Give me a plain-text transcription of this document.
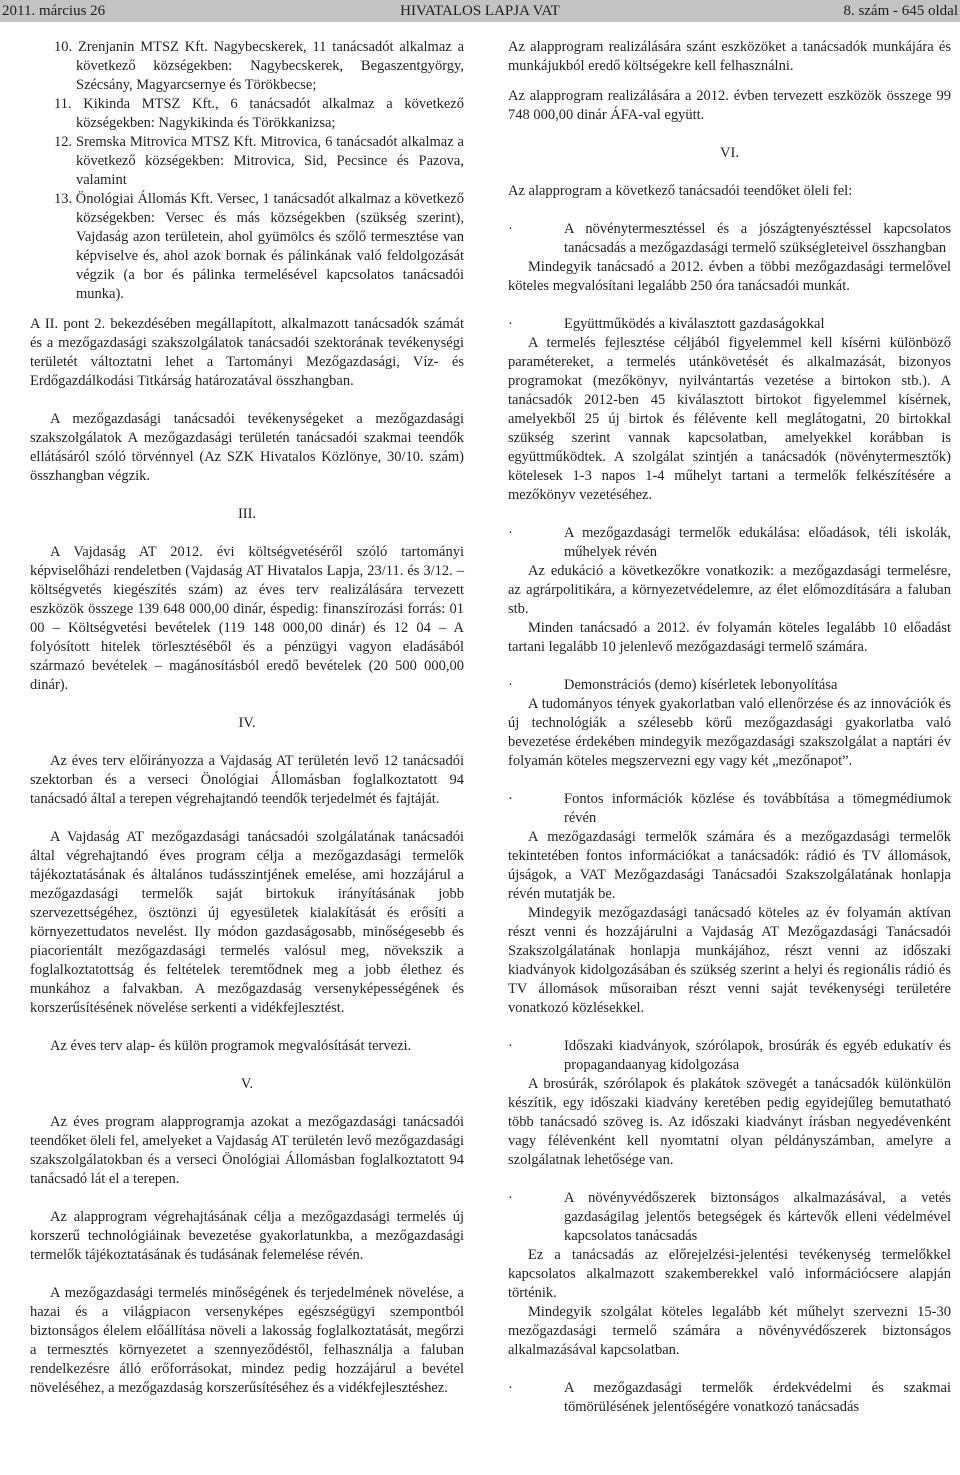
2011. március 26	HIVATALOS LAPJA VAT	8. szám - 645 oldal

10. Zrenjanin MTSZ Kft. Nagybecskerek, 11 tanácsadót alkalmaz a következő községekben: Nagybecskerek, Begaszentgyörgy, Szécsány, Magyarcsernye és Törökbecse;

11. Kikinda MTSZ Kft., 6 tanácsadót alkalmaz a következő községekben: Nagykikinda és Törökkanizsa;

12. Sremska Mitrovica MTSZ Kft. Mitrovica, 6 tanácsadót alkalmaz a következő községekben: Mitrovica, Sid, Pecsince és Pazova, valamint

13. Önológiai Állomás Kft. Versec, 1 tanácsadót alkalmaz a következő községekben: Versec és más községekben (szükség szerint), Vajdaság azon területein, ahol gyümölcs és szőlő termesztése van képviselve és, ahol azok bornak és pálinkának való feldolgozását végzik (a bor és pálinka termelésével kapcsolatos tanácsadói munka).

A II. pont 2. bekezdésében megállapított, alkalmazott tanácsadók számát és a mezőgazdasági szakszolgálatok tanácsadói szektorának tevékenységi területét változtatni lehet a Tartományi Mezőgazdasági, Víz- és Erdőgazdálkodási Titkárság határozatával összhangban.

A mezőgazdasági tanácsadói tevékenységeket a mezőgazdasági szakszolgálatok A mezőgazdasági területén tanácsadói szakmai teendők ellátásáról szóló törvénnyel (Az SZK Hivatalos Közlönye, 30/10. szám) összhangban végzik.

III.

A Vajdaság AT 2012. évi költségvetéséről szóló tartományi képviselőházi rendeletben (Vajdaság AT Hivatalos Lapja, 23/11. és 3/12. – költségvetés kiegészítés szám) az éves terv realizálására tervezett eszközök összege 139 648 000,00 dinár, éspedig: finanszírozási forrás: 01 00 – Költségvetési bevételek (119 148 000,00 dinár) és 12 04 – A folyósított hitelek törlesztéséből és a pénzügyi vagyon eladásából származó bevételek – magánosításból eredő bevételek (20 500 000,00 dinár).

IV.

Az éves terv előirányozza a Vajdaság AT területén levő 12 tanácsadói szektorban és a verseci Önológiai Állomásban foglalkoztatott 94 tanácsadó által a terepen végrehajtandó teendők terjedelmét és fajtáját.

A Vajdaság AT mezőgazdasági tanácsadói szolgálatának tanácsadói által végrehajtandó éves program célja a mezőgazdasági termelők tájékoztatásának és általános tudásszintjének emelése, ami hozzájárul a mezőgazdasági termelők saját birtokuk irányításának jobb szervezettségéhez, ösztönzi új egyesületek kialakítását és erősíti a környezettudatos nevelést. Ily módon gazdaságosabb, minőségesebb és piacorientált mezőgazdasági termelés valósul meg, növekszik a foglalkoztatottság és feltételek teremtődnek meg a jobb élethez és munkához a falvakban. A mezőgazdaság versenyképességének és korszerűsítésének növelése serkenti a vidékfejlesztést.

Az éves terv alap- és külön programok megvalósítását tervezi.

V.

Az éves program alapprogramja azokat a mezőgazdasági tanácsadói teendőket öleli fel, amelyeket a Vajdaság AT területén levő mezőgazdasági szakszolgálatokban és a verseci Önológiai Állomásban foglalkoztatott 94 tanácsadó lát el a terepen.

Az alapprogram végrehajtásának célja a mezőgazdasági termelés új korszerű technológiáinak bevezetése gyakorlatunkba, a mezőgazdasági termelők tájékoztatásának és tudásának felemelése révén.

A mezőgazdasági termelés minőségének és terjedelmének növelése, a hazai és a világpiacon versenyképes egészségügyi szempontból biztonságos élelem előállítása növeli a lakosság foglalkoztatását, megőrzi a termesztés környezetet a szennyeződéstől, felhasználja a faluban rendelkezésre álló erőforrásokat, mindez pedig hozzájárul a bevétel növeléséhez, a mezőgazdaság korszerűsítéséhez és a vidékfejlesztéshez.

Az alapprogram realizálására szánt eszközöket a tanácsadók munkájára és munkájukból eredő költségekre kell felhasználni.

Az alapprogram realizálására a 2012. évben tervezett eszközök összege 99 748 000,00 dinár ÁFA-val együtt.

VI.

Az alapprogram a következő tanácsadói teendőket öleli fel:

·	A növénytermesztéssel és a jószágtenyésztéssel kapcsolatos tanácsadás a mezőgazdasági termelő szükségleteivel összhangban

Mindegyik tanácsadó a 2012. évben a többi mezőgazdasági termelővel köteles megvalósítani legalább 250 óra tanácsadói munkát.

·	Együttműködés a kiválasztott gazdaságokkal

A termelés fejlesztése céljából figyelemmel kell kísérni különböző paramétereket, a termelés utánkövetését és alkalmazását, bizonyos programokat (mezőkönyv, nyilvántartás vezetése a birtokon stb.). A tanácsadók 2012-ben 45 kiválasztott birtokot figyelemmel kísérnek, amelyekből 25 új birtok és félévente kell meglátogatni, 20 birtokkal szükség szerint vannak kapcsolatban, amelyekkel korábban is együttműködtek. A szolgálat szintjén a tanácsadók (növénytermesztők) kötelesek 1-3 napos 1-4 műhelyt tartani a termelők felkészítésére a mezőkönyv vezetéséhez.

·	A mezőgazdasági termelők edukálása: előadások, téli iskolák, műhelyek révén

Az edukáció a következőkre vonatkozik: a mezőgazdasági termelésre, az agrárpolitikára, a környezetvédelemre, az élet előmozdítására a faluban stb.

Minden tanácsadó a 2012. év folyamán köteles legalább 10 előadást tartani legalább 10 jelenlevő mezőgazdasági termelő számára.

·	Demonstrációs (demo) kísérletek lebonyolítása

A tudományos tények gyakorlatban való ellenőrzése és az innovációk és új technológiák a szélesebb körű mezőgazdasági gyakorlatba való bevezetése érdekében mindegyik mezőgazdasági szakszolgálat a naptári év folyamán köteles megszervezni egy vagy két „mezőnapot”.

·	Fontos információk közlése és továbbítása a tömegmédiumok révén

A mezőgazdasági termelők számára és a mezőgazdasági termelők tekintetében fontos információkat a tanácsadók: rádió és TV állomások, újságok, a VAT Mezőgazdasági Tanácsadói Szakszolgálatának honlapja révén mutatják be.

Mindegyik mezőgazdasági tanácsadó köteles az év folyamán aktívan részt venni és hozzájárulni a Vajdaság AT Mezőgazdasági Tanácsadói Szakszolgálatának honlapja munkájához, részt venni az időszaki kiadványok kidolgozásában és szükség szerint a helyi és regionális rádió és TV állomások műsoraiban részt venni saját tevékenységi területére vonatkozó közlésekkel.

·	Időszaki kiadványok, szórólapok, brosúrák és egyéb edukatív és propagandaanyag kidolgozása

A brosúrák, szórólapok és plakátok szövegét a tanácsadók különkülön készítik, egy időszaki kiadvány keretében pedig egyidejűleg bemutatható több tanácsadó szöveg is. Az időszaki kiadványt írásban negyedévenként vagy félévenként kell nyomtatni olyan példányszámban, amelyre a szolgálatnak lehetősége van.

·	A növényvédőszerek biztonságos alkalmazásával, a vetés gazdaságilag jelentős betegségek és kártevők elleni védelmével kapcsolatos tanácsadás

Ez a tanácsadás az előrejelzési-jelentési tevékenység termelőkkel kapcsolatos alkalmazott szakemberekkel való információcsere alapján történik.

Mindegyik szolgálat köteles legalább két műhelyt szervezni 15-30 mezőgazdasági termelő számára a növényvédőszerek biztonságos alkalmazásával kapcsolatban.

·	A mezőgazdasági termelők érdekvédelmi és szakmai tömörülésének jelentőségére vonatkozó tanácsadás
